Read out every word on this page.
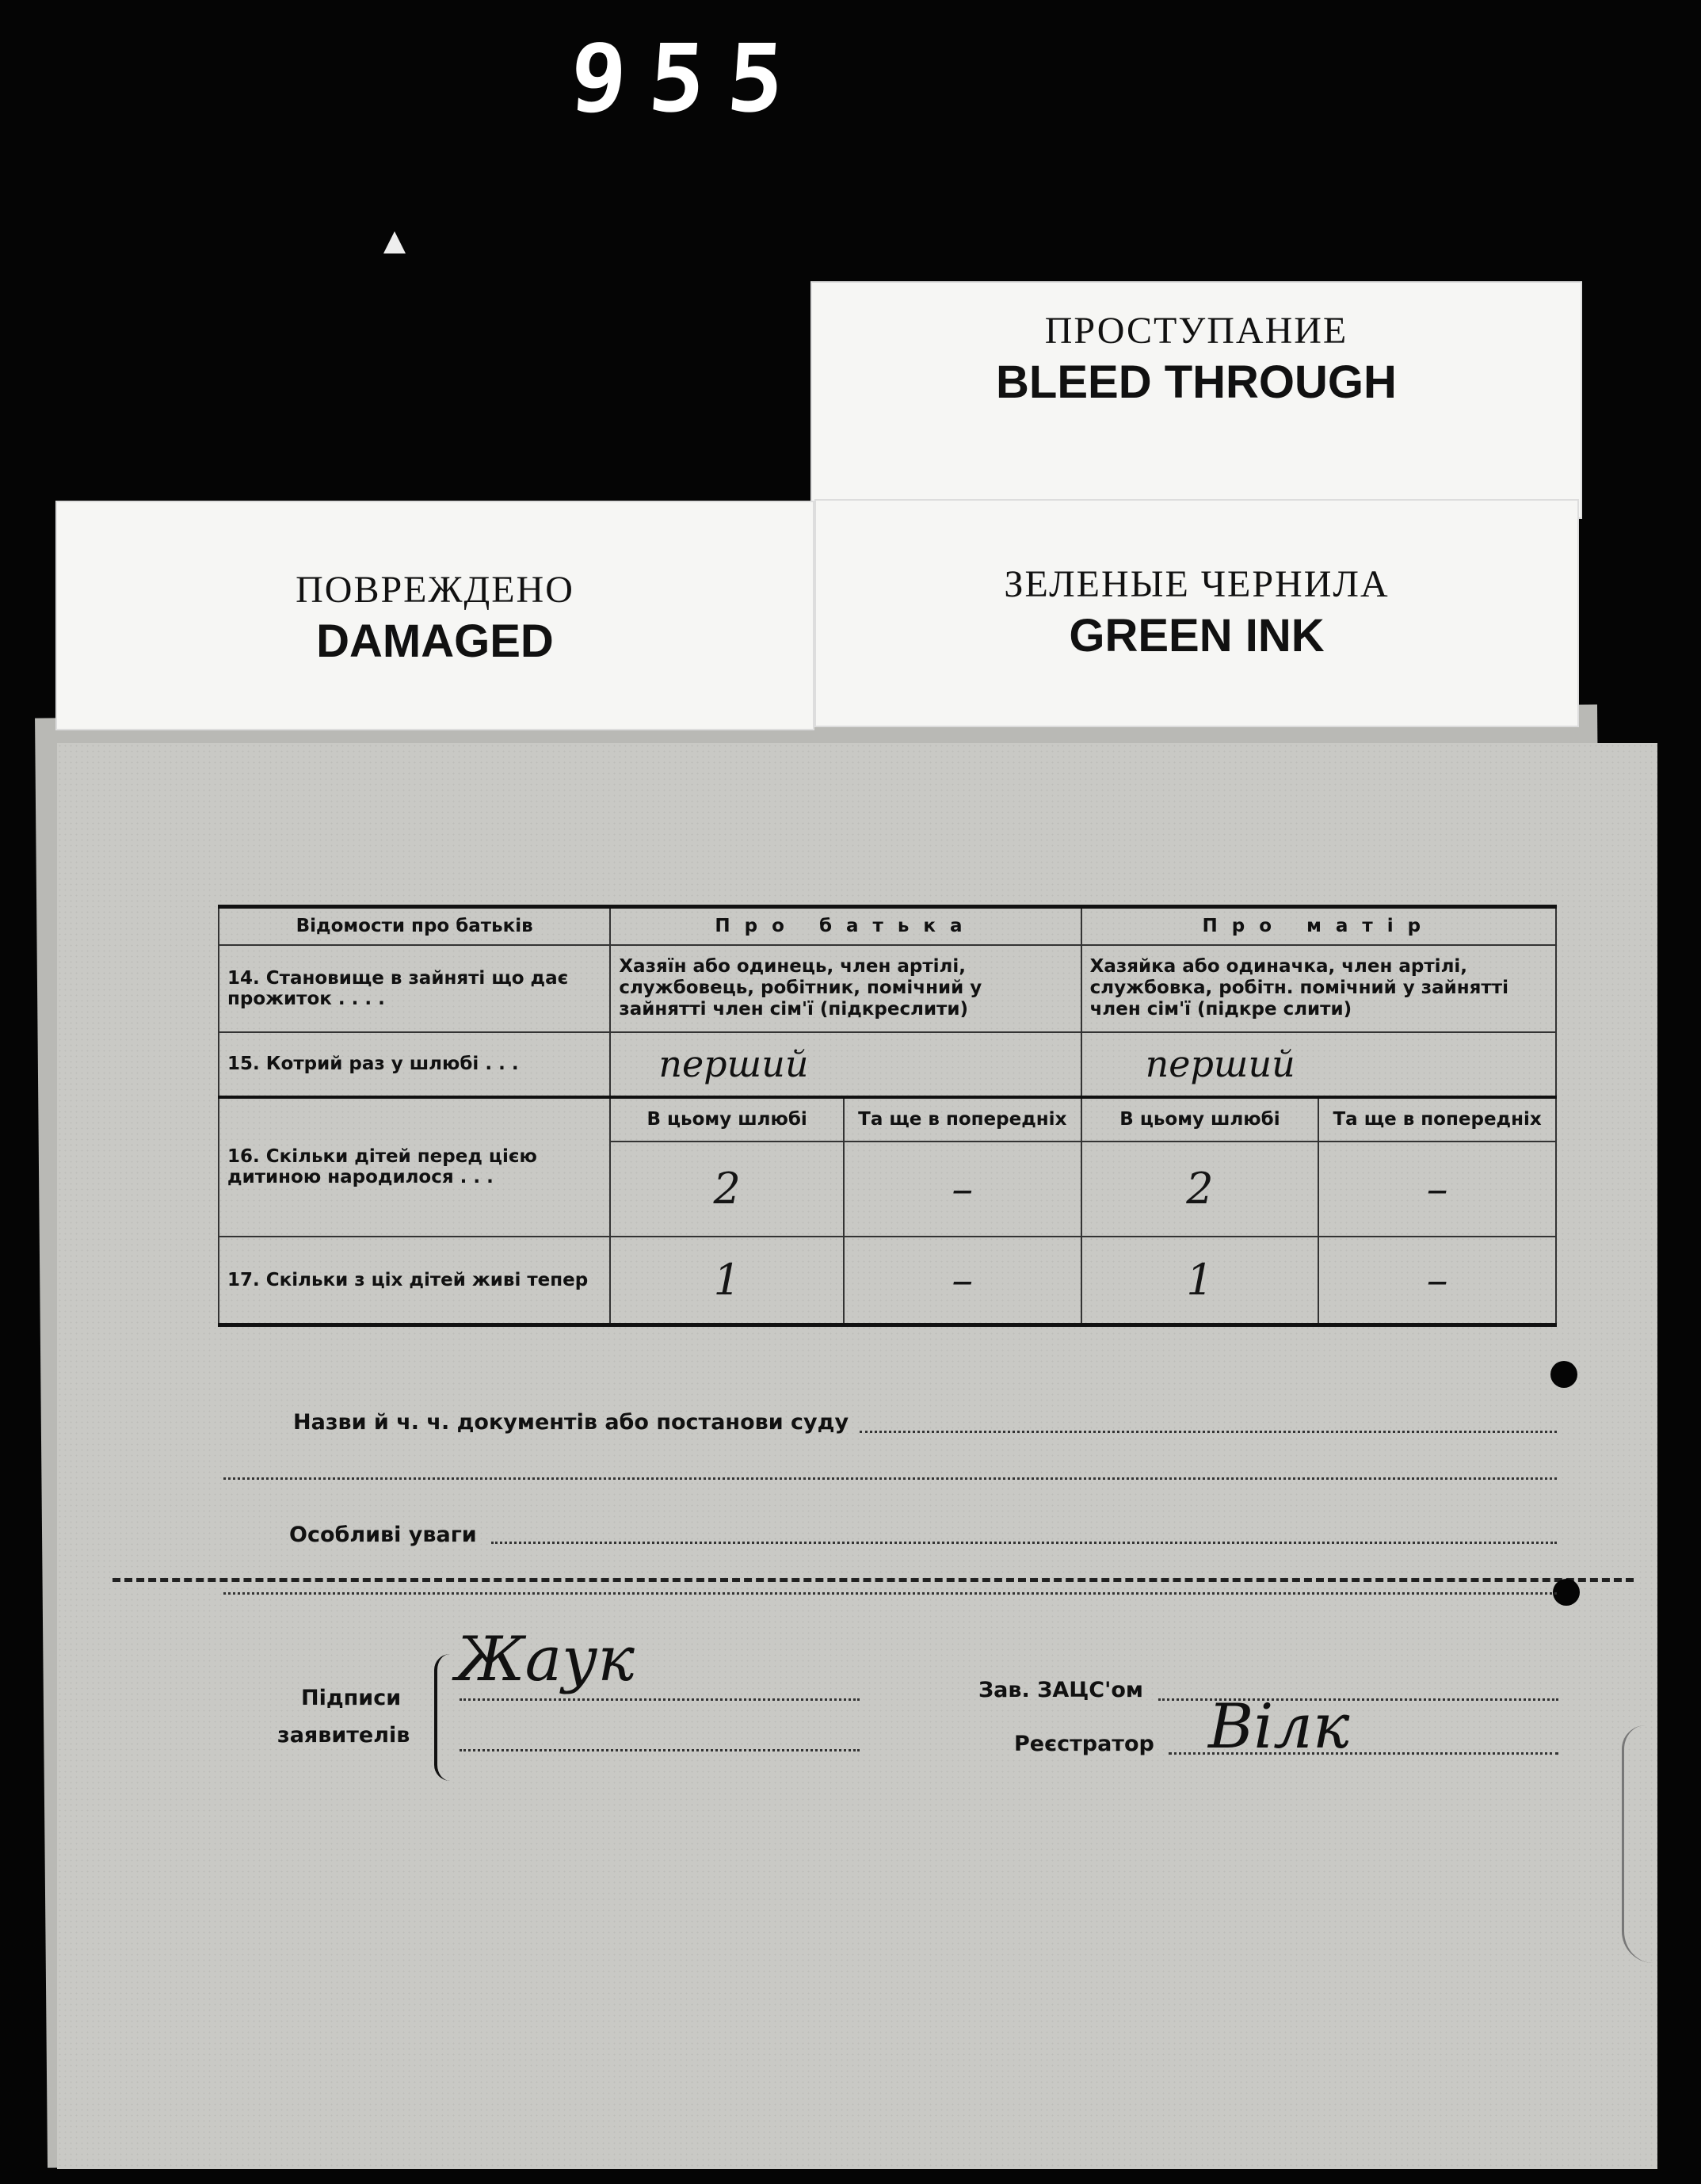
955
ПРОСТУПАНИЕ
BLEED THROUGH
ПОВРЕЖДЕНО
DAMAGED
ЗЕЛЕНЫЕ ЧЕРНИЛА
GREEN INK
Відомости про батьків	Про батька		Про матір	
14. Становище в зайняті що дає прожиток . . . .	Хазяїн або одинець, член артілі, службовець, робітник, помічний у зайнятті член сім'ї (підкреслити)		Хазяйка або одиначка, член артілі, службовка, робітн. помічний у зайнятті член сім'ї (підкре слити)	
15. Котрий раз у шлюбі . . .	перший		перший	
16. Скільки дітей перед цією дитиною народилося . . .	В цьому шлюбі	Та ще в попередніх	В цьому шлюбі	Та ще в попередніх
	2	–	2	–
17. Скільки з ціх дітей живі тепер	1	–	1	–
Назви й ч. ч. документів або постанови суду
Особливі уваги
Підписи
заявителів
Жаук	Зав. ЗАЦС'ом
Реєстратор Вілк
